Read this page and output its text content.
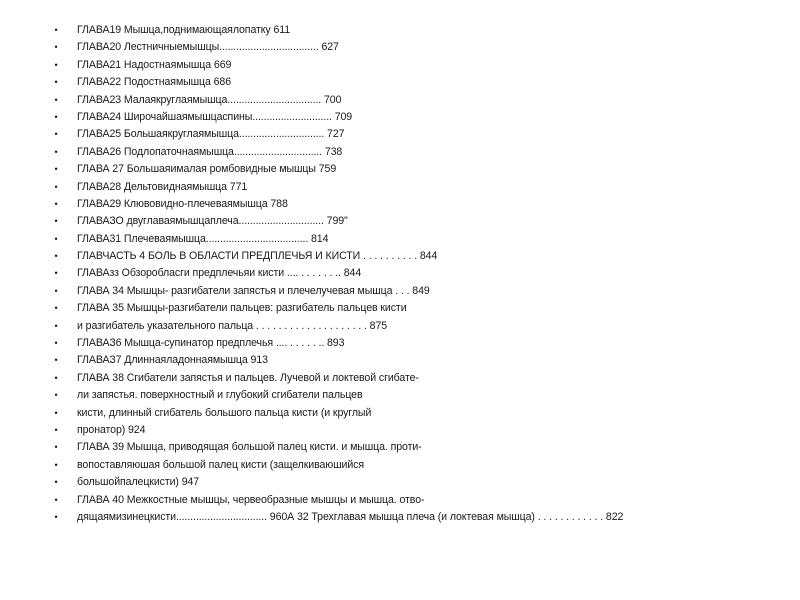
•	ГЛАВА19 Мышца,поднимающаялопатку 611
•	ГЛАВА20 Лестничныемышцы................................... 627
•	ГЛАВА21 Надостнаямышца 669
•	ГЛАВА22 Подостнаямышца 686
•	ГЛАВА23 Малаякруглаямышца................................. 700
•	ГЛАВА24 Широчайшаямышцаспины............................ 709
•	ГЛАВА25 Большаякруглаямышца.............................. 727
•	ГЛАВА26 Подлопаточнаямышца............................... 738
•	ГЛАВА 27 Большаяималая ромбовидные мышцы 759
•	ГЛАВА28 Дельтовиднаямышца 771
•	ГЛАВА29 Клювовидно-плечеваямышца 788
•	ГЛАВАЗО двуглаваямышцаплеча.............................. 799"
•	ГЛАВА31 Плечеваямышца.................................... 814
•	ГЛАВЧАСТЬ 4 БОЛЬ В ОБЛАСТИ ПРЕДПЛЕЧЬЯ И КИСТИ . . . . . . . . . . 844
•	ГЛАВАзз Обзоробласги предплечьяи кисти .... . . . . . . .. 844
•	ГЛАВА 34 Мышцы- разгибатели запястья и плечелучевая мышца . . . 849
•	ГЛАВА 35 Мышцы-разгибатели пальцев: разгибатель пальцев кисти
•	и разгибатель указательного пальца . . . . . . . . . . . . . . . . . . . . 875
•	ГЛАВАЗ6 Мышца-супинатор предплечья .... . . . . . .. 893
•	ГЛАВАЗ7 Длиннаяладоннаямышца 913
•	ГЛАВА 38 Сгибатели запястья и пальцев. Лучевой и локтевой сгибате-
•	ли запястья. поверхностный и глубокий сгибатели пальцев
•	кисти, длинный сгибатель большого пальца кисти (и круглый
•	пронатор) 924
•	ГЛАВА 39 Мышца, приводящая большой палец кисти. и мышца. проти-
•	вопоставляюшая большой палец кисти (защелкиваюшийся
•	большойпалецкисти) 947
•	ГЛАВА 40 Межкостные мышцы, червеобразные мышцы и мышца. отво-
•	дящаямизинецкисти................................ 960А 32 Трехглавая мышца плеча (и локтевая мышца) . . . . . . . . . . . . 822
